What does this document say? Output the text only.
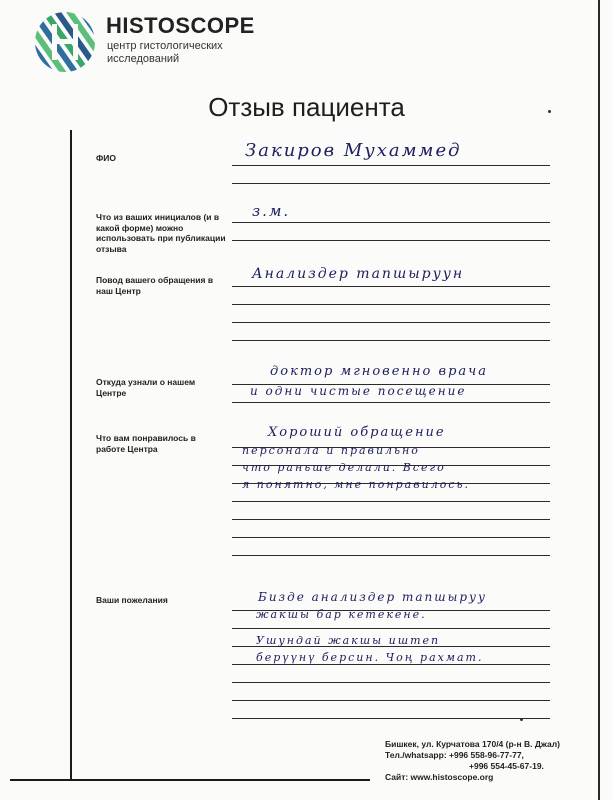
HISTOSCOPE
центр гистологических
исследований
Отзыв пациента
ФИО	Закиров Мухаммед
Что из ваших инициалов (и в какой форме) можно использовать при публикации отзыва
з.м.
Повод вашего обращения в наш Центр
Анализдер тапшыруун
Откуда узнали о нашем Центре
доктор мгновенно врача
и одни чистые посещение
Что вам понравилось в работе Центра
Хороший обращение
персонала и правильно
что раньше делали. Всего
я понятно, мне понравилось.
Ваши пожелания	Бизде анализдер тапшыруу
жакшы бар кетекене.
Ушундай жакшы иштеп
берүүнү берсин. Чоң рахмат.
Бишкек, ул. Курчатова 170/4 (р-н В. Джал)
Тел./whatsapp: +996 558-96-77-77,

+996 554-45-67-19.
Сайт: www.histoscope.org
